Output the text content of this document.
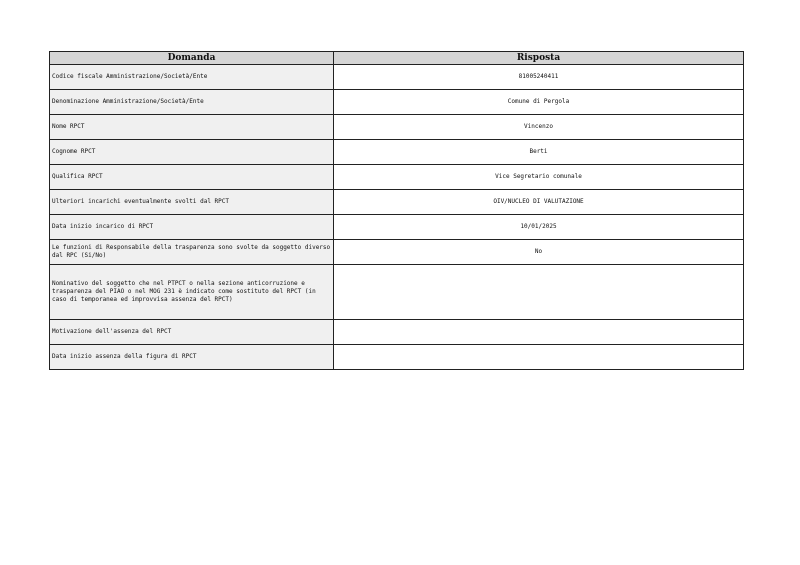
Domanda	Risposta
Codice fiscale Amministrazione/Società/Ente	81005240411
Denominazione Amministrazione/Società/Ente	Comune di Pergola
Nome RPCT	Vincenzo
Cognome RPCT	Berti
Qualifica RPCT	Vice Segretario comunale
Ulteriori incarichi eventualmente svolti dal RPCT	OIV/NUCLEO DI VALUTAZIONE
Data inizio incarico di RPCT	10/01/2025
Le funzioni di Responsabile della trasparenza sono svolte da soggetto diverso dal RPC (Si/No)	No
Nominativo del soggetto che nel PTPCT o nella sezione anticorruzione e trasparenza del PIAO o nel MOG 231 è indicato come sostituto del RPCT (in caso di temporanea ed improvvisa assenza del RPCT)	
Motivazione dell'assenza del RPCT	
Data inizio assenza della figura di RPCT	
